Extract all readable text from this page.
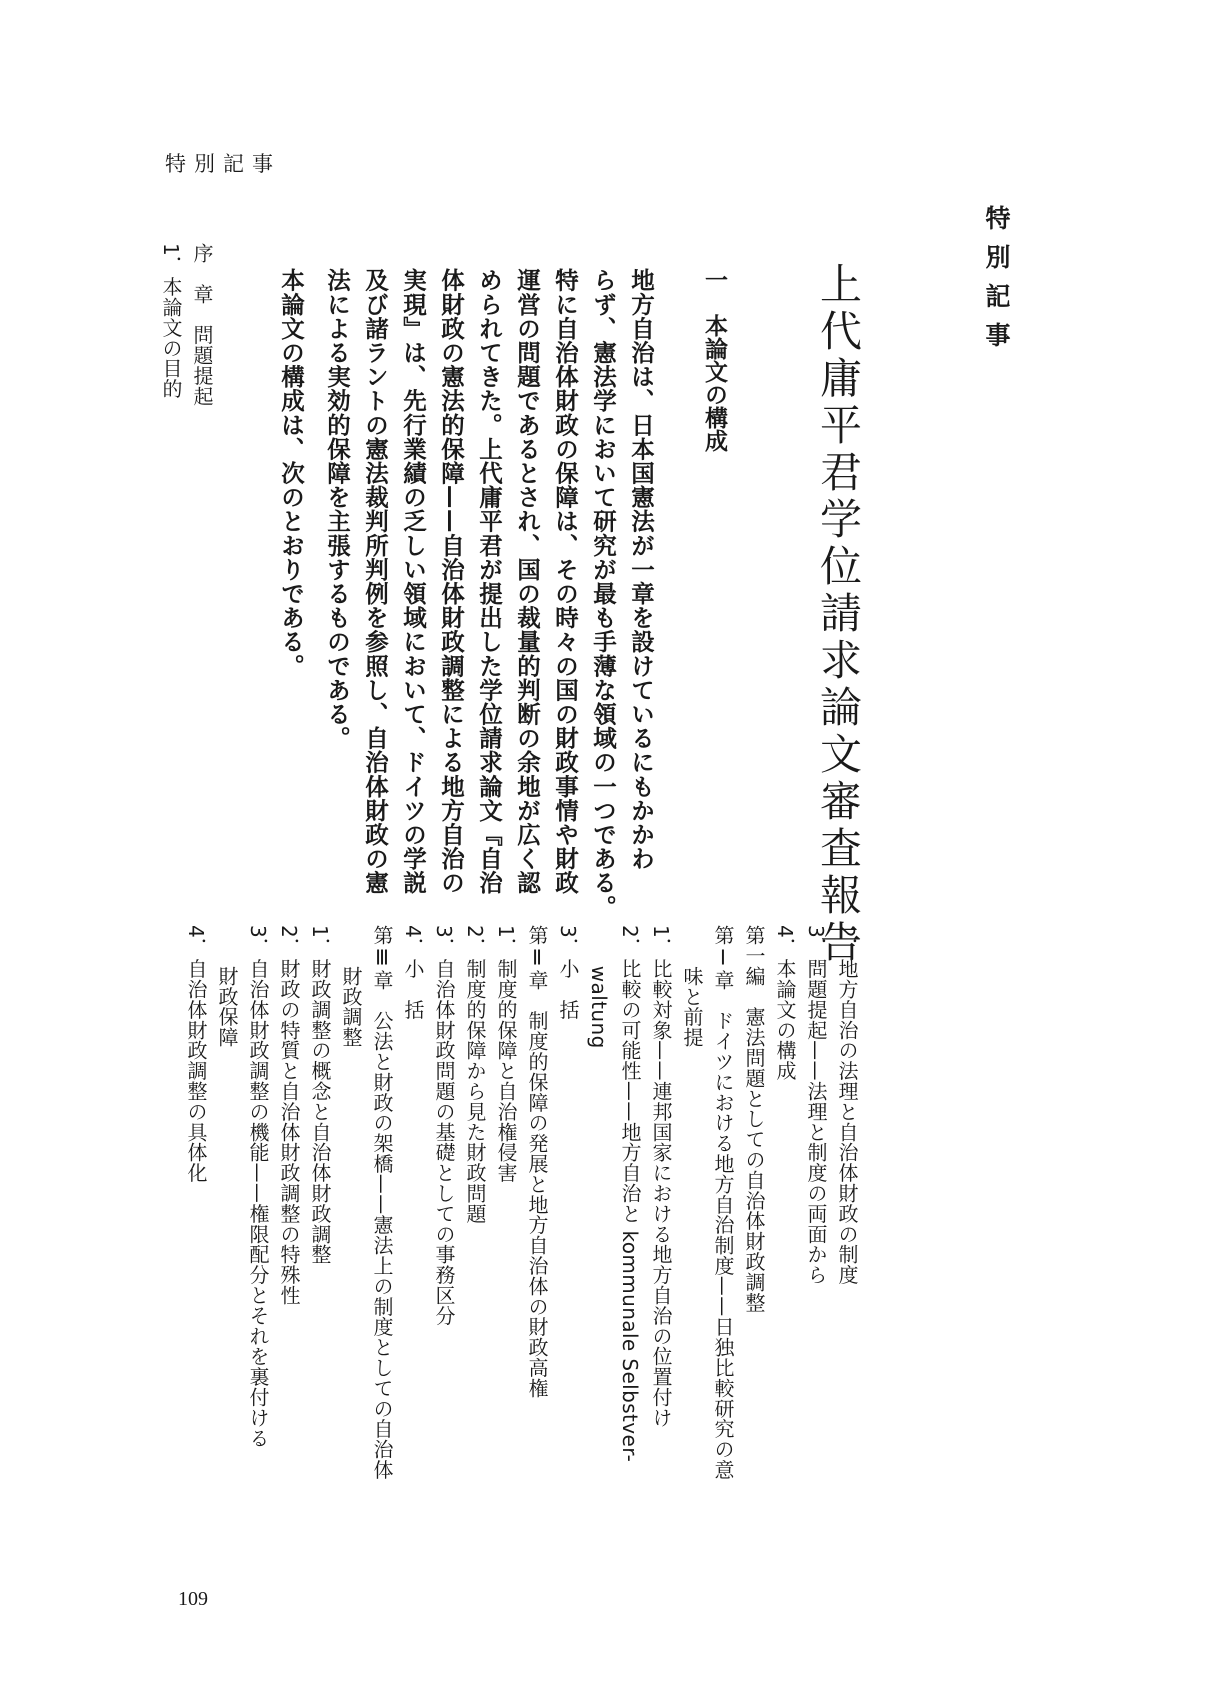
特別記事
特別記事
上代庸平君学位請求論文審査報告
一　本論文の構成
地方自治は、日本国憲法が一章を設けているにもかかわ
らず、憲法学において研究が最も手薄な領域の一つである。
特に自治体財政の保障は、その時々の国の財政事情や財政
運営の問題であるとされ、国の裁量的判断の余地が広く認
められてきた。上代庸平君が提出した学位請求論文『自治
体財政の憲法的保障——自治体財政調整による地方自治の
実現』は、先行業績の乏しい領域において、ドイツの学説
及び諸ラントの憲法裁判所判例を参照し、自治体財政の憲
法による実効的保障を主張するものである。
本論文の構成は、次のとおりである。
序　章　問題提起
1．本論文の目的
2．地方自治の法理と自治体財政の制度
3．問題提起——法理と制度の両面から
4．本論文の構成
第一編　憲法問題としての自治体財政調整
第Ⅰ章　ドイツにおける地方自治制度——日独比較研究の意
　　味と前提
1．比較対象——連邦国家における地方自治の位置付け
2．比較の可能性——地方自治と kommunale Selbstver-
　　waltung
3．小　括
第Ⅱ章　制度的保障の発展と地方自治体の財政高権
1．制度的保障と自治権侵害
2．制度的保障から見た財政問題
3．自治体財政問題の基礎としての事務区分
4．小　括
第Ⅲ章　公法と財政の架橋——憲法上の制度としての自治体
　　財政調整
1．財政調整の概念と自治体財政調整
2．財政の特質と自治体財政調整の特殊性
3．自治体財政調整の機能——権限配分とそれを裏付ける
　　財政保障
4．自治体財政調整の具体化
109
